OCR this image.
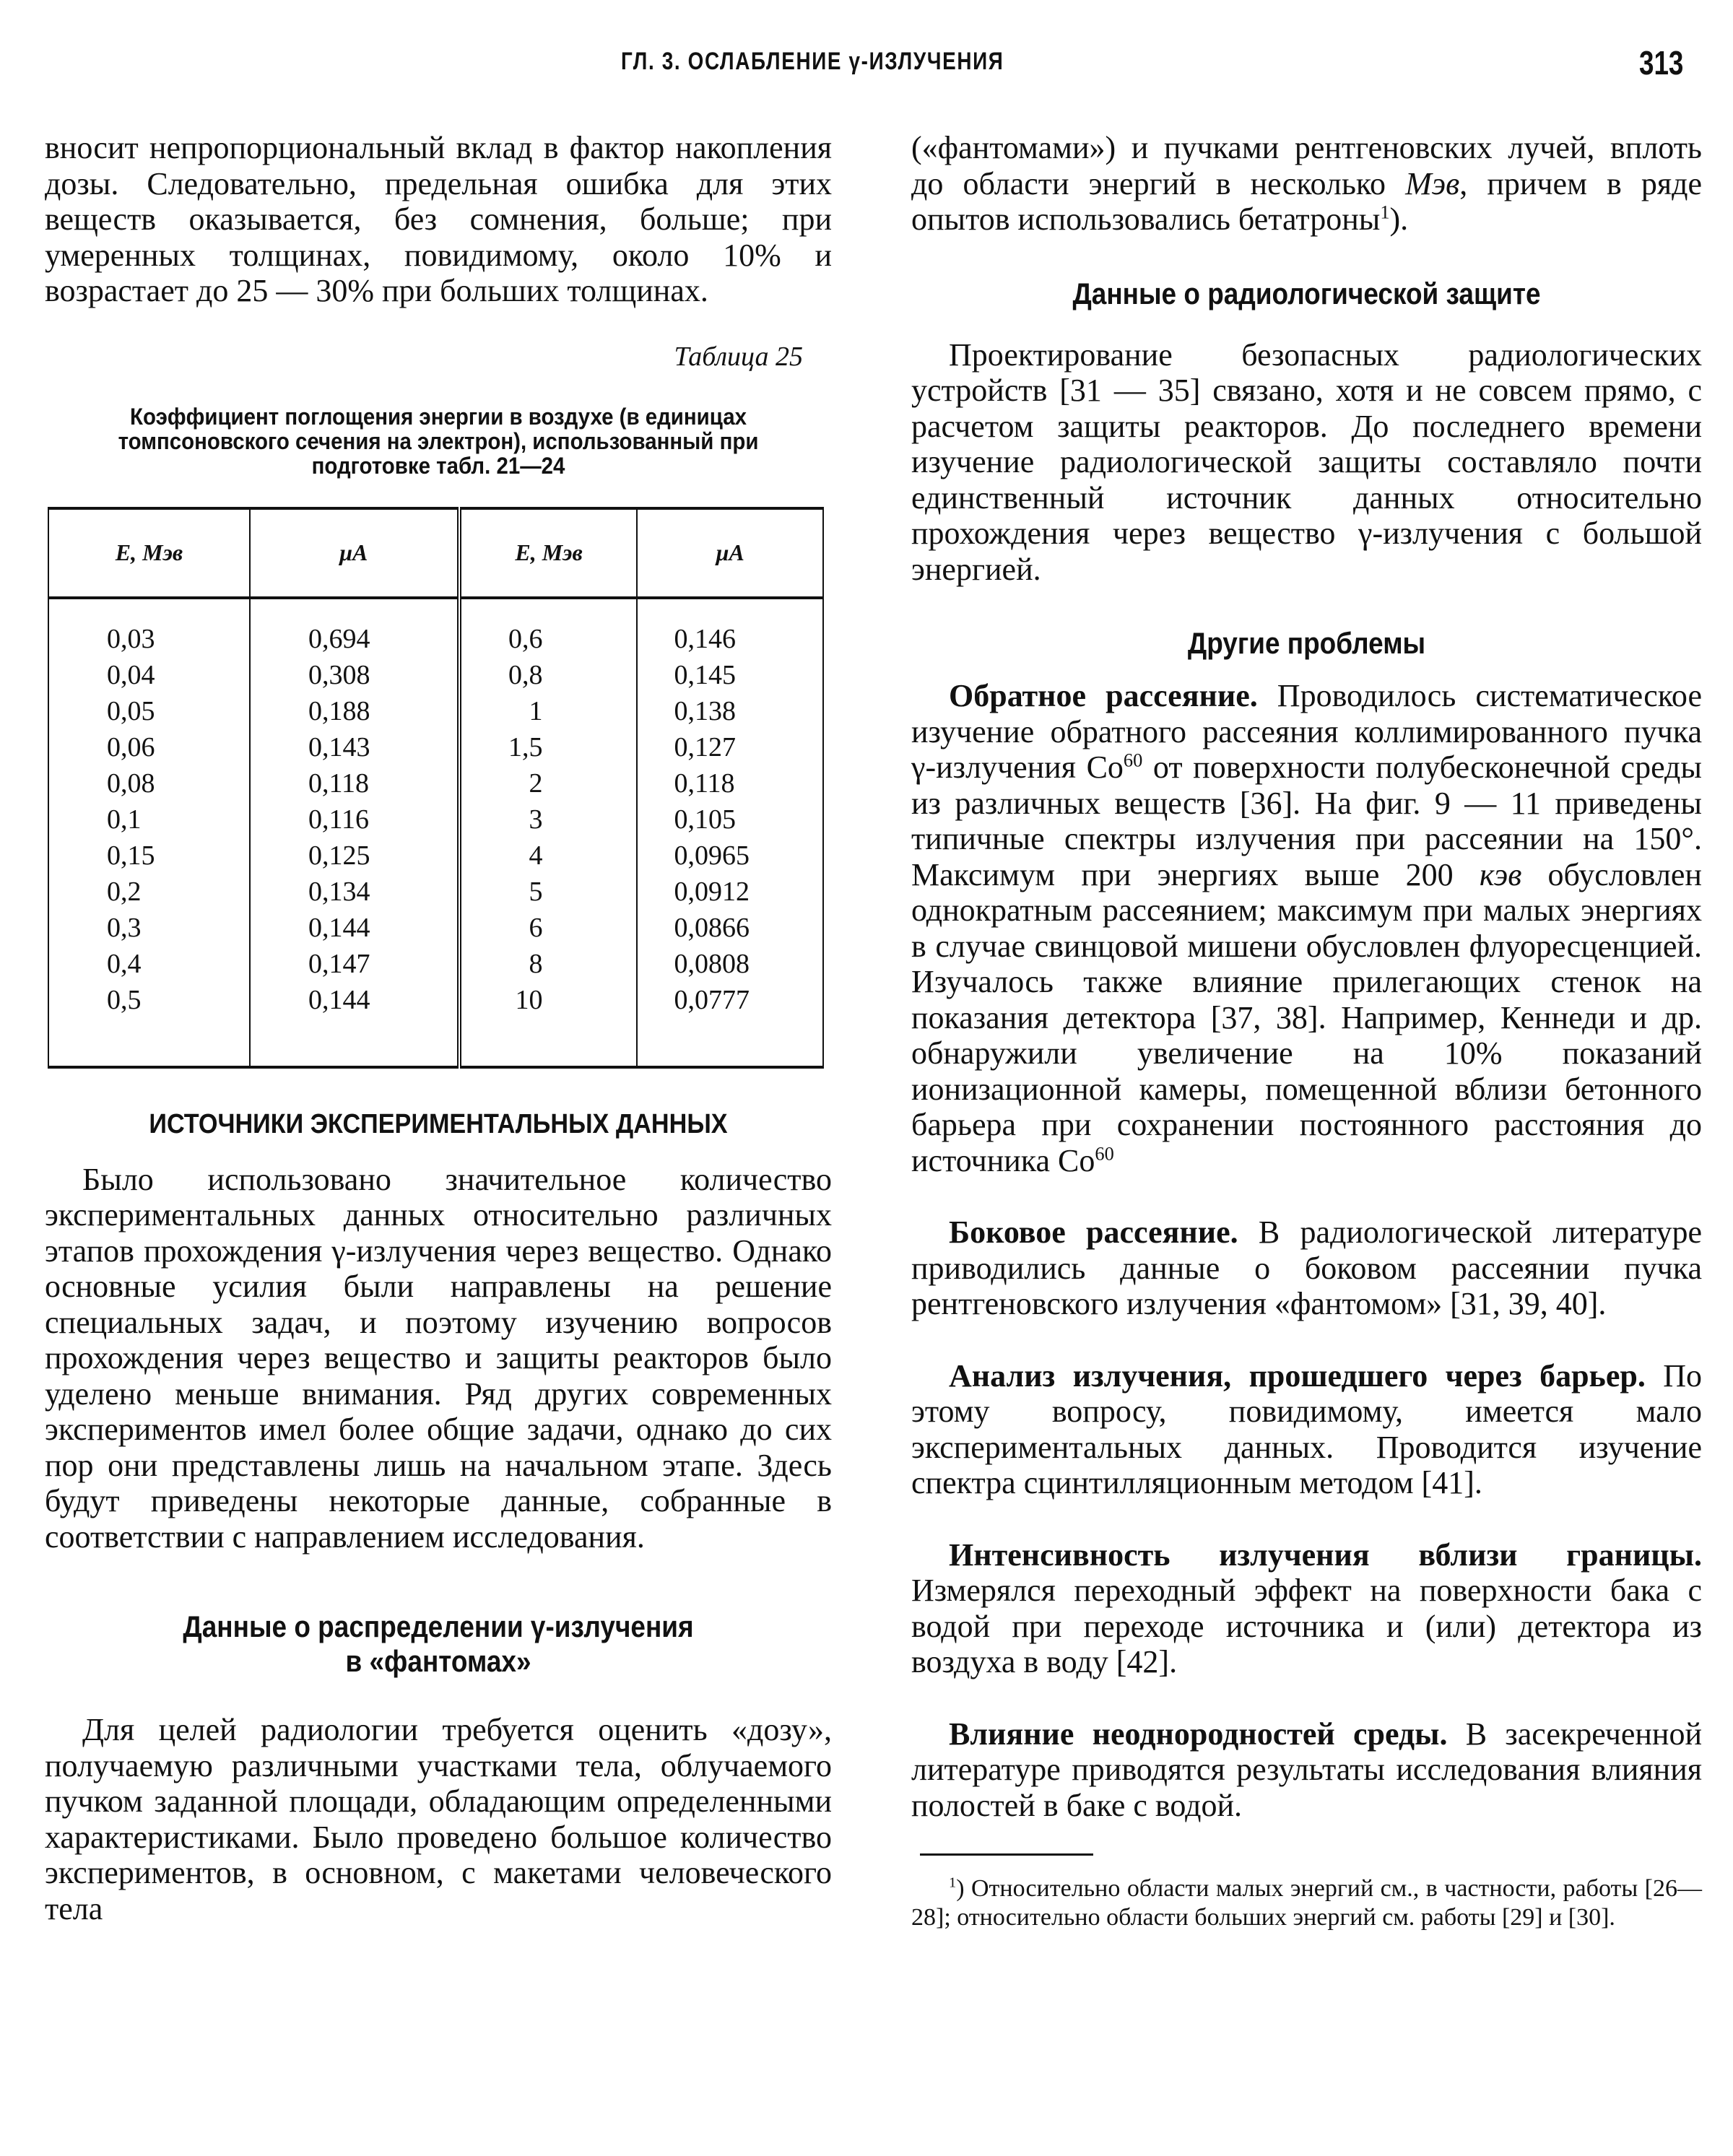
ГЛ. 3. ОСЛАБЛЕНИЕ γ-ИЗЛУЧЕНИЯ	313

вносит непропорциональный вклад в фактор накопления дозы. Следовательно, предельная ошибка для этих веществ оказывается, без сомнения, больше; при умеренных толщинах, повидимому, около 10% и возрастает до 25 — 30% при больших толщинах.

Таблица 25
Коэффициент поглощения энергии в воздухе (в единицах томпсоновского сечения на электрон), использованный при подготовке табл. 21—24
E, Мэв	μA	E, Мэв	μA

0,03	0,694	0,6	0,146
0,04	0,308	0,8	0,145
0,05	0,188	1	0,138
0,06	0,143	1,5	0,127
0,08	0,118	2	0,118
0,1	0,116	3	0,105
0,15	0,125	4	0,0965
0,2	0,134	5	0,0912
0,3	0,144	6	0,0866
0,4	0,147	8	0,0808
0,5	0,144	10	0,0777

ИСТОЧНИКИ ЭКСПЕРИМЕНТАЛЬНЫХ ДАННЫХ

Было использовано значительное количество экспериментальных данных относительно различных этапов прохождения γ-излучения через вещество. Однако основные усилия были направлены на решение специальных задач, и поэтому изучению вопросов прохождения через вещество и защиты реакторов было уделено меньше внимания. Ряд других современных экспериментов имел более общие задачи, однако до сих пор они представлены лишь на начальном этапе. Здесь будут приведены некоторые данные, собранные в соответствии с направлением исследования.

Данные о распределении γ-излучения
в «фантомах»

Для целей радиологии требуется оценить «дозу», получаемую различными участками тела, облучаемого пучком заданной площади, обладающим определенными характеристиками. Было проведено большое количество экспериментов, в основном, с макетами человеческого тела

(«фантомами») и пучками рентгеновских лучей, вплоть до области энергий в несколько Мэв, причем в ряде опытов использовались бетатроны$^1$).

Данные о радиологической защите

Проектирование безопасных радиологических устройств [31 — 35] связано, хотя и не совсем прямо, с расчетом защиты реакторов. До последнего времени изучение радиологической защиты составляло почти единственный источник данных относительно прохождения через вещество γ-излучения с большой энергией.

Другие проблемы

Обратное рассеяние. Проводилось систематическое изучение обратного рассеяния коллимированного пучка γ-излучения Co$^{60}$ от поверхности полубесконечной среды из различных веществ [36]. На фиг. 9 — 11 приведены типичные спектры излучения при рассеянии на 150°. Максимум при энергиях выше 200 кэв обусловлен однократным рассеянием; максимум при малых энергиях в случае свинцовой мишени обусловлен флуоресценцией. Изучалось также влияние прилегающих стенок на показания детектора [37, 38]. Например, Кеннеди и др. обнаружили увеличение на 10% показаний ионизационной камеры, помещенной вблизи бетонного барьера при сохранении постоянного расстояния до источника Co$^{60}$

Боковое рассеяние. В радиологической литературе приводились данные о боковом рассеянии пучка рентгеновского излучения «фантомом» [31, 39, 40].

Анализ излучения, прошедшего через барьер. По этому вопросу, повидимому, имеется мало экспериментальных данных. Проводится изучение спектра сцинтилляционным методом [41].

Интенсивность излучения вблизи границы. Измерялся переходный эффект на поверхности бака с водой при переходе источника и (или) детектора из воздуха в воду [42].

Влияние неоднородностей среды. В засекреченной литературе приводятся результаты исследования влияния полостей в баке с водой.

$^1$) Относительно области малых энергий см., в частности, работы [26—28]; относительно области больших энергий см. работы [29] и [30].
